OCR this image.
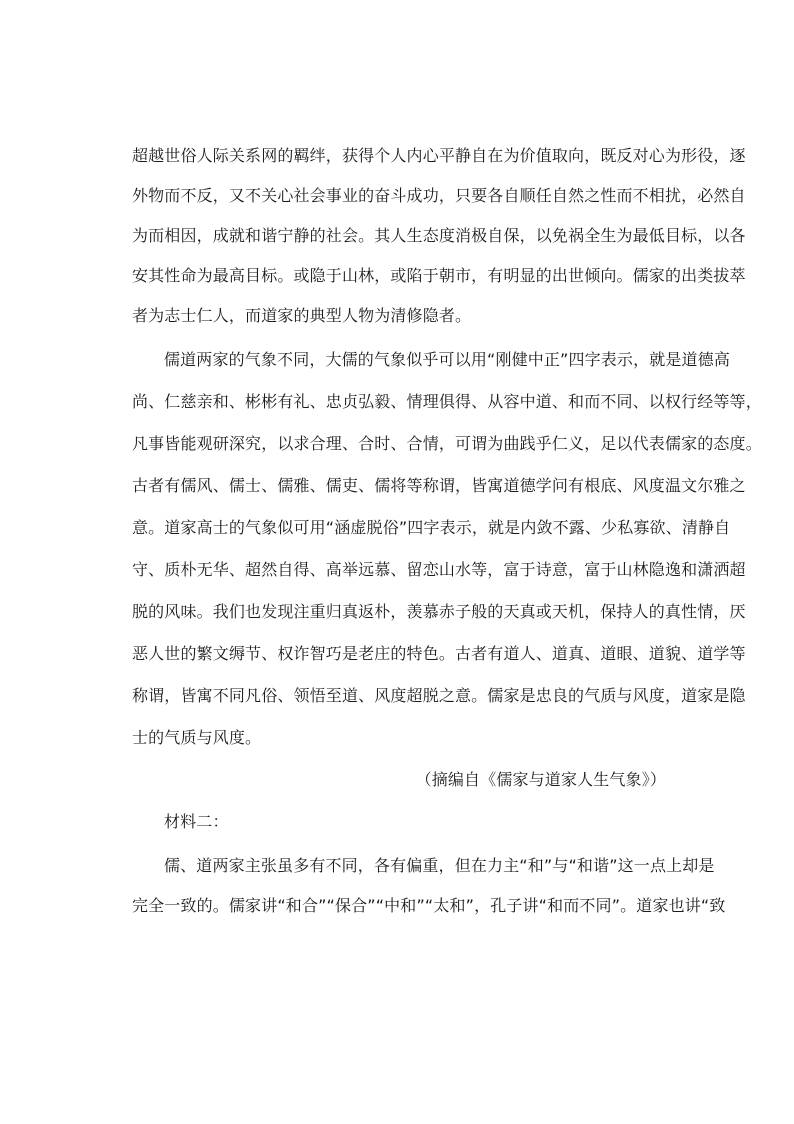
超越世俗人际关系网的羁绊，获得个人内心平静自在为价值取向，既反对心为形役，逐
外物而不反，又不关心社会事业的奋斗成功，只要各自顺任自然之性而不相扰，必然自
为而相因，成就和谐宁静的社会。其人生态度消极自保，以免祸全生为最低目标，以各
安其性命为最高目标。或隐于山林，或陷于朝市，有明显的出世倾向。儒家的出类拔萃
者为志士仁人，而道家的典型人物为清修隐者。
儒道两家的气象不同，大儒的气象似乎可以用“刚健中正”四字表示，就是道德高
尚、仁慈亲和、彬彬有礼、忠贞弘毅、情理俱得、从容中道、和而不同、以权行经等等，
凡事皆能观研深究，以求合理、合时、合情，可谓为曲践乎仁义，足以代表儒家的态度。
古者有儒风、儒士、儒雅、儒吏、儒将等称谓，皆寓道德学问有根底、风度温文尔雅之
意。道家高士的气象似可用“涵虚脱俗”四字表示，就是内敛不露、少私寡欲、清静自
守、质朴无华、超然自得、高举远慕、留恋山水等，富于诗意，富于山林隐逸和潇洒超
脱的风味。我们也发现注重归真返朴，羡慕赤子般的天真或天机，保持人的真性情，厌
恶人世的繁文缛节、权诈智巧是老庄的特色。古者有道人、道真、道眼、道貌、道学等
称谓，皆寓不同凡俗、领悟至道、风度超脱之意。儒家是忠良的气质与风度，道家是隐
士的气质与风度。
（摘编自《儒家与道家人生气象》）
材料二：
儒、道两家主张虽多有不同，各有偏重，但在力主“和”与“和谐”这一点上却是
完全一致的。儒家讲“和合”“保合”“中和”“太和”，孔子讲“和而不同”。道家也讲“致
